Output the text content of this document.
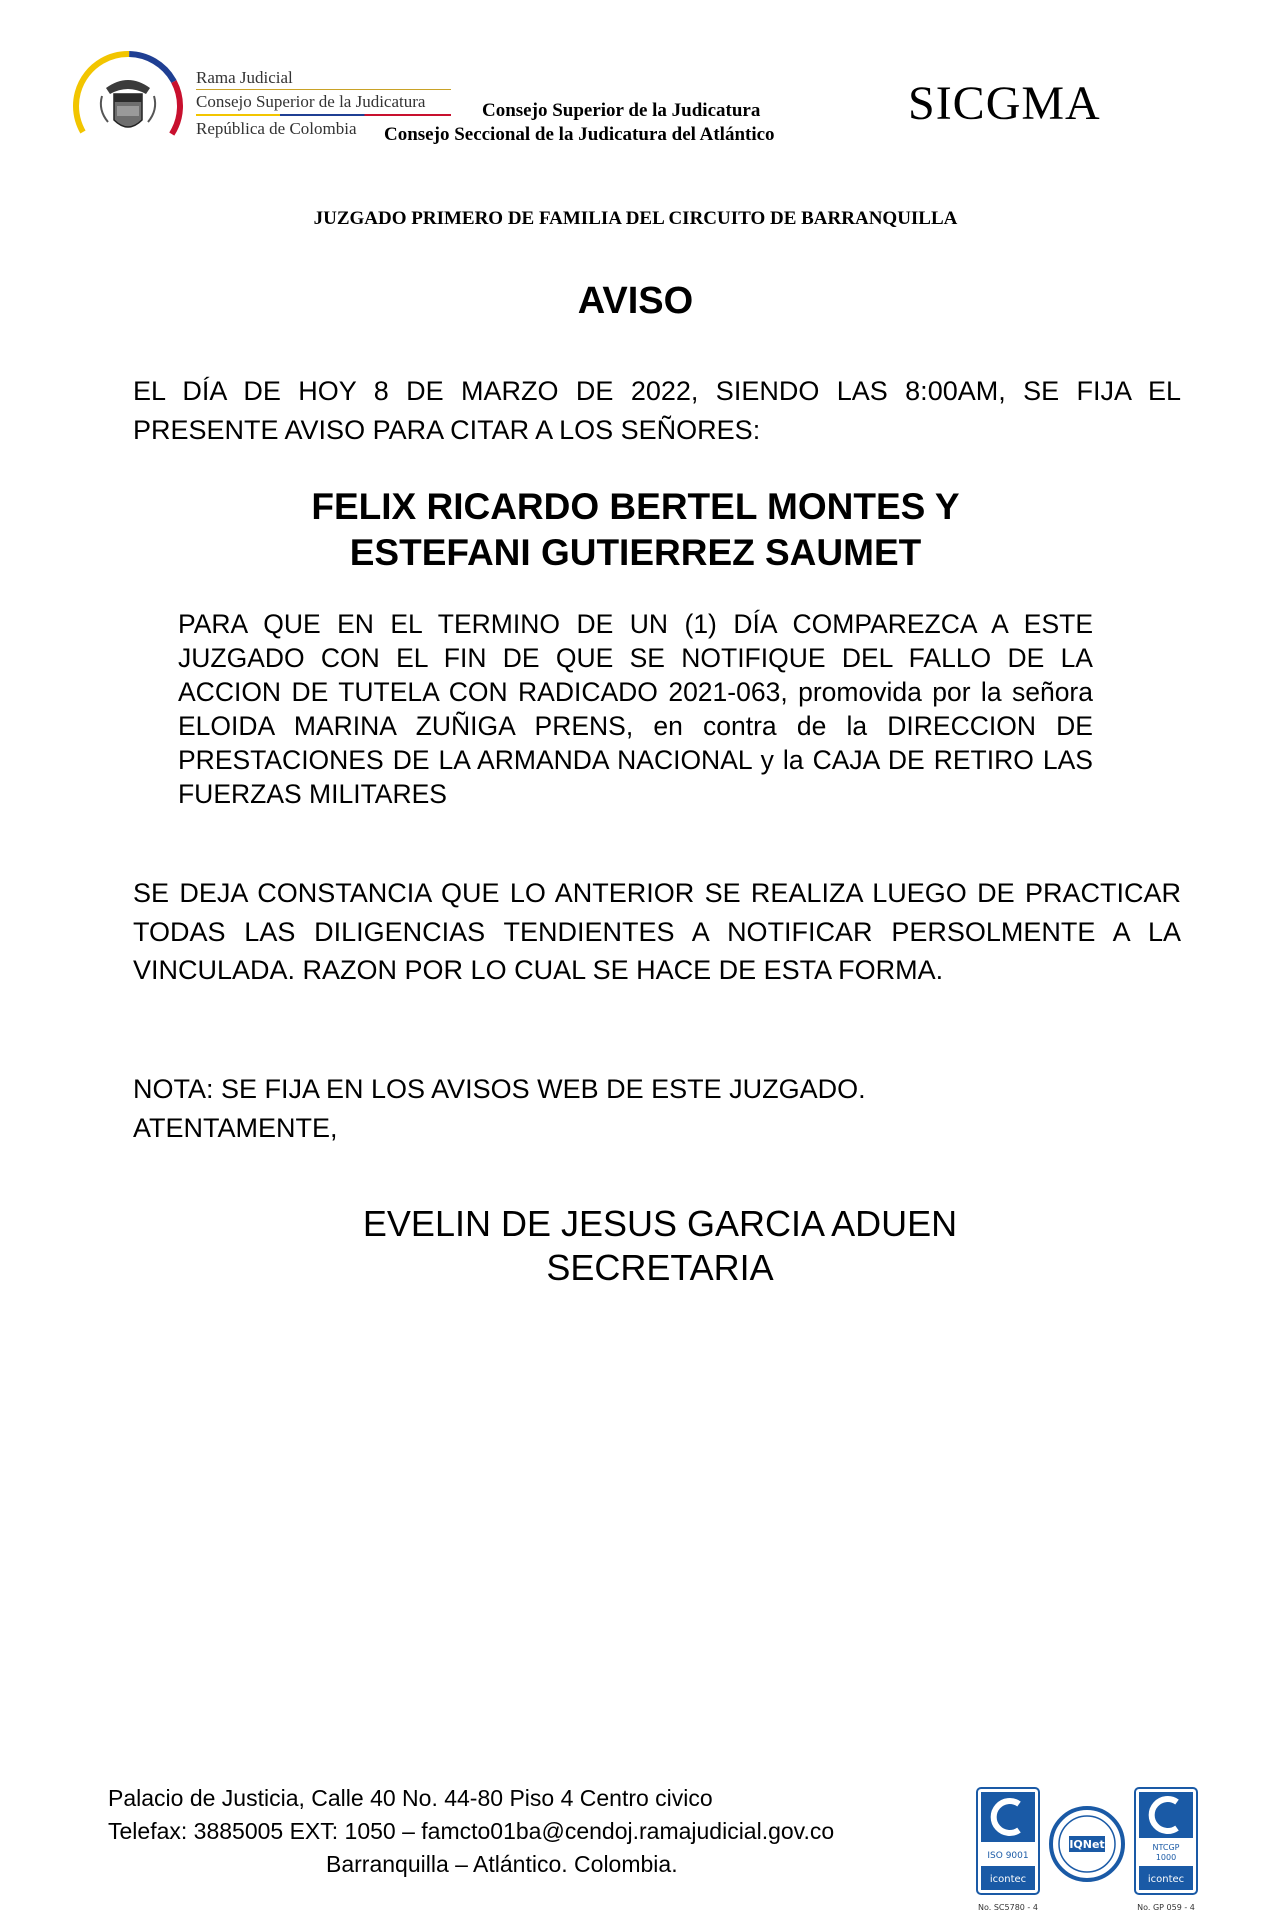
Rama Judicial
Consejo Superior de la Judicatura
República de Colombia
Consejo Superior de la Judicatura
Consejo Seccional de la Judicatura del Atlántico
SICGMA
JUZGADO PRIMERO DE FAMILIA DEL CIRCUITO DE BARRANQUILLA
AVISO
EL DÍA DE HOY 8 DE MARZO DE 2022, SIENDO LAS 8:00AM, SE FIJA EL PRESENTE AVISO PARA CITAR A LOS SEÑORES:
FELIX RICARDO BERTEL MONTES Y
ESTEFANI GUTIERREZ SAUMET
PARA QUE EN EL TERMINO DE UN (1) DÍA COMPAREZCA A ESTE JUZGADO CON EL FIN DE QUE SE NOTIFIQUE DEL FALLO DE LA ACCION DE TUTELA CON RADICADO 2021-063, promovida por la señora ELOIDA MARINA ZUÑIGA PRENS, en contra de la DIRECCION DE PRESTACIONES DE LA ARMANDA NACIONAL y la CAJA DE RETIRO LAS FUERZAS MILITARES
SE DEJA CONSTANCIA QUE LO ANTERIOR SE REALIZA LUEGO DE PRACTICAR TODAS LAS DILIGENCIAS TENDIENTES A NOTIFICAR PERSOLMENTE A LA VINCULADA. RAZON POR LO CUAL SE HACE DE ESTA FORMA.
NOTA: SE FIJA EN LOS AVISOS WEB DE ESTE JUZGADO.
ATENTAMENTE,
EVELIN DE JESUS GARCIA ADUEN
SECRETARIA
Palacio de Justicia, Calle 40 No. 44-80 Piso 4 Centro civico
Telefax: 3885005 EXT: 1050 – famcto01ba@cendoj.ramajudicial.gov.co
Barranquilla – Atlántico. Colombia.	ISO 9001
icontec
No. SC5780 - 4
IQNet	NTCGP
1000
icontec
No. GP 059 - 4
